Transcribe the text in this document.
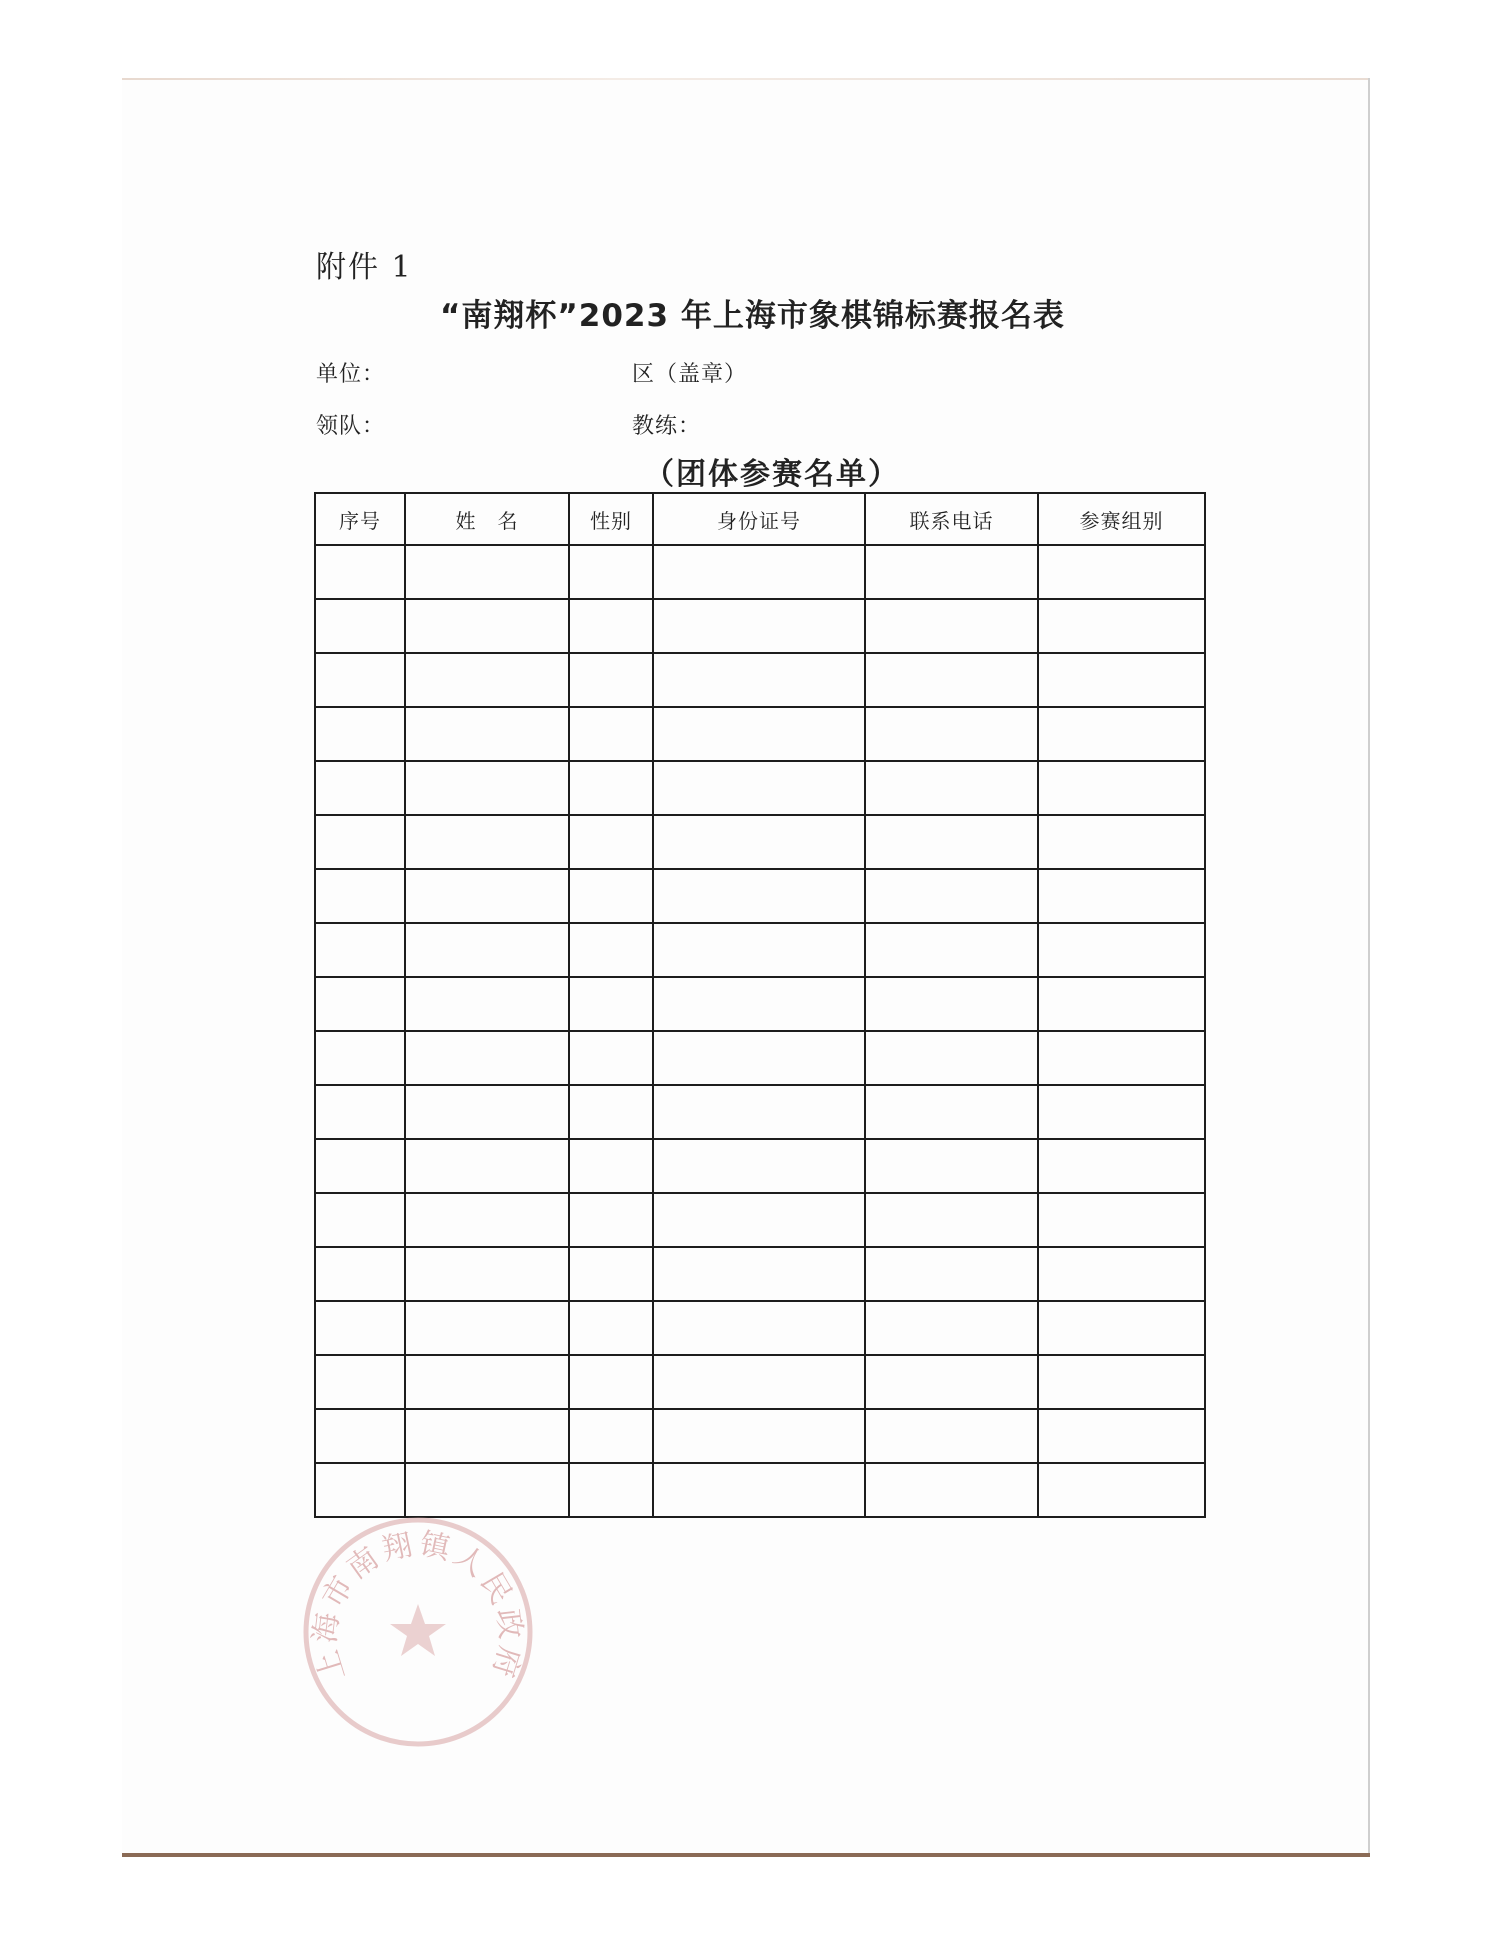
附件 1
“南翔杯”2023 年上海市象棋锦标赛报名表
单位：	区（盖章）
领队：	教练：
（团体参赛名单）
序号	姓　名	性别	身份证号	联系电话	参赛组别

上海市南翔镇人民政府
